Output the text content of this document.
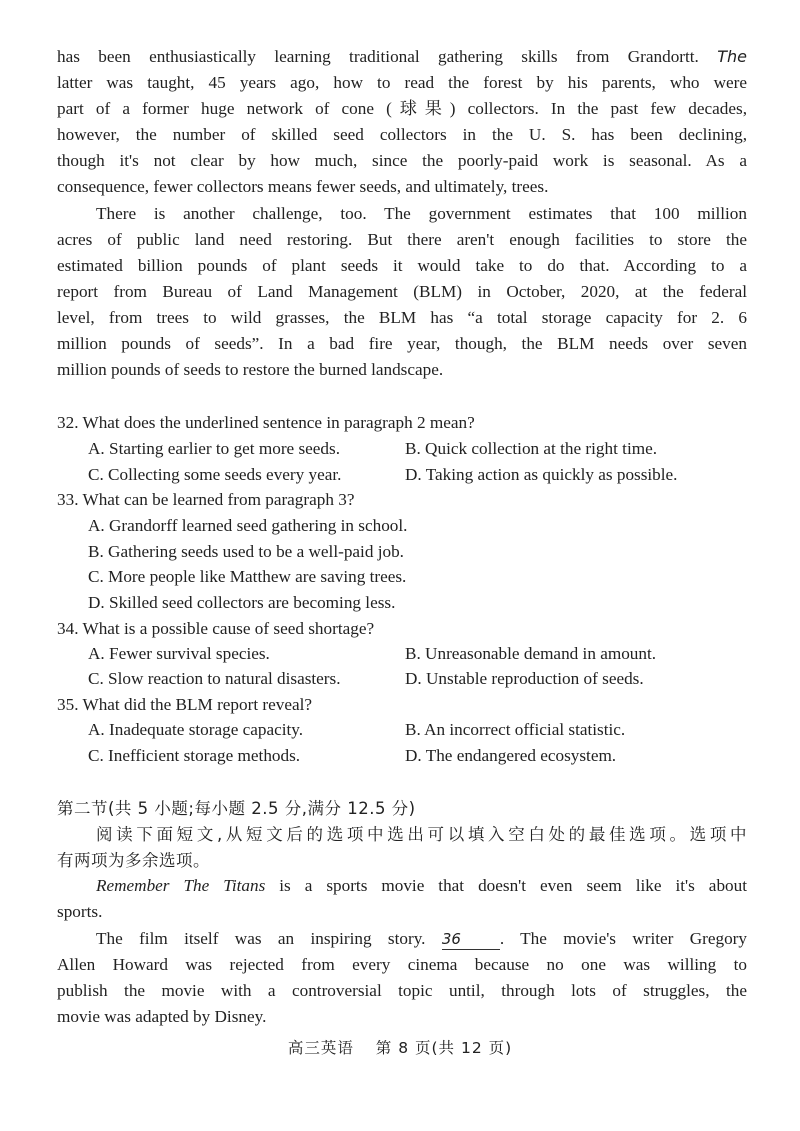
has been enthusiastically learning traditional gathering skills from Grandortt. The
latter was taught, 45 years ago, how to read the forest by his parents, who were
part of a former huge network of cone (球果) collectors. In the past few decades,
however, the number of skilled seed collectors in the U. S. has been declining,
though it's not clear by how much, since the poorly-paid work is seasonal. As a
consequence, fewer collectors means fewer seeds, and ultimately, trees.
There is another challenge, too. The government estimates that 100 million
acres of public land need restoring. But there aren't enough facilities to store the
estimated billion pounds of plant seeds it would take to do that. According to a
report from Bureau of Land Management (BLM) in October, 2020, at the federal
level, from trees to wild grasses, the BLM has “a total storage capacity for 2. 6
million pounds of seeds”. In a bad fire year, though, the BLM needs over seven
million pounds of seeds to restore the burned landscape.
32. What does the underlined sentence in paragraph 2 mean?
A. Starting earlier to get more seeds.	B. Quick collection at the right time.
C. Collecting some seeds every year.	D. Taking action as quickly as possible.
33. What can be learned from paragraph 3?
A. Grandorff learned seed gathering in school.
B. Gathering seeds used to be a well-paid job.
C. More people like Matthew are saving trees.
D. Skilled seed collectors are becoming less.
34. What is a possible cause of seed shortage?
A. Fewer survival species.	B. Unreasonable demand in amount.
C. Slow reaction to natural disasters.	D. Unstable reproduction of seeds.
35. What did the BLM report reveal?
A. Inadequate storage capacity.	B. An incorrect official statistic.
C. Inefficient storage methods.	D. The endangered ecosystem.
第二节(共 5 小题;每小题 2.5 分,满分 12.5 分)
阅读下面短文,从短文后的选项中选出可以填入空白处的最佳选项。选项中
有两项为多余选项。
Remember The Titans is a sports movie that doesn't even seem like it's about
sports.
The film itself was an inspiring story. 36 . The movie's writer Gregory
Allen Howard was rejected from every cinema because no one was willing to
publish the movie with a controversial topic until, through lots of struggles, the
movie was adapted by Disney.
高三英语 第 8 页(共 12 页)
